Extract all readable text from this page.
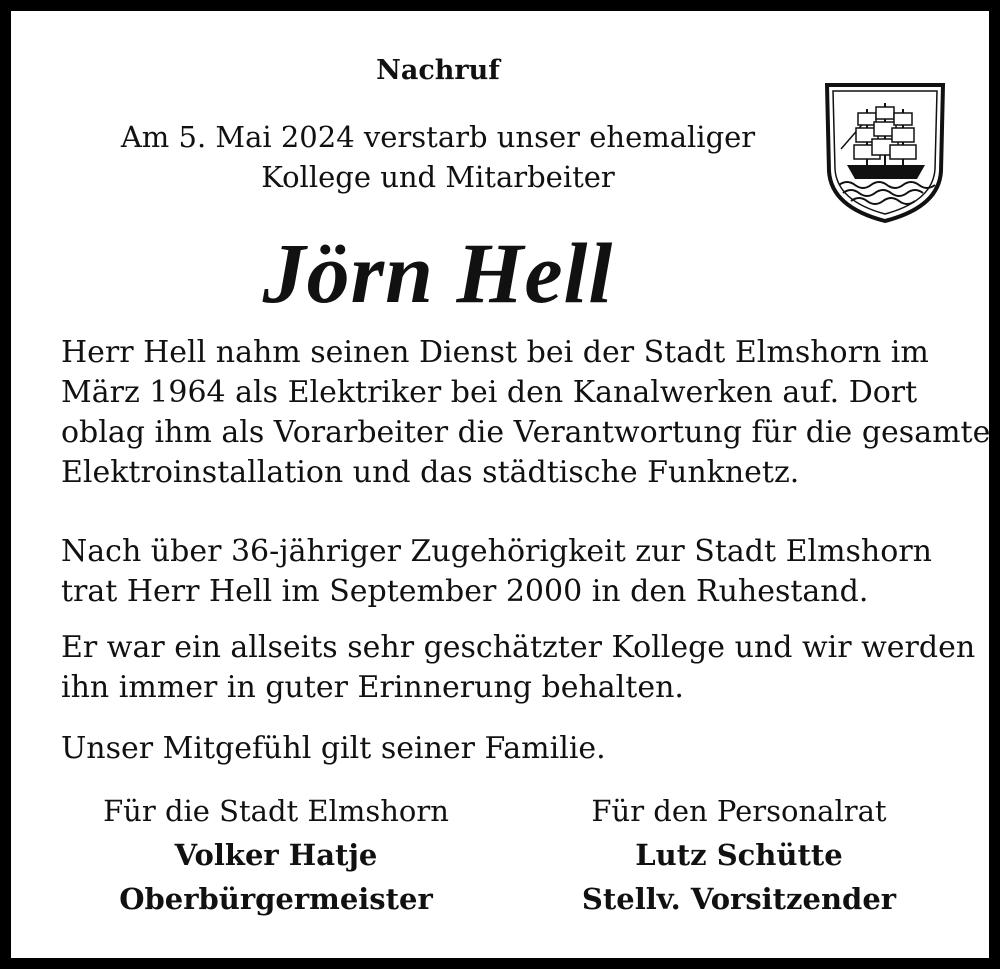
Nachruf
Am 5. Mai 2024 verstarb unser ehemaliger
Kollege und Mitarbeiter
Jörn Hell
Herr Hell nahm seinen Dienst bei der Stadt Elmshorn im
März 1964 als Elektriker bei den Kanalwerken auf. Dort
oblag ihm als Vorarbeiter die Verantwortung für die gesamte
Elektroinstallation und das städtische Funknetz.
Nach über 36-jähriger Zugehörigkeit zur Stadt Elmshorn
trat Herr Hell im September 2000 in den Ruhestand.
Er war ein allseits sehr geschätzter Kollege und wir werden
ihn immer in guter Erinnerung behalten.
Unser Mitgefühl gilt seiner Familie.
Für die Stadt Elmshorn
Volker Hatje
Oberbürgermeister
Für den Personalrat
Lutz Schütte
Stellv. Vorsitzender
